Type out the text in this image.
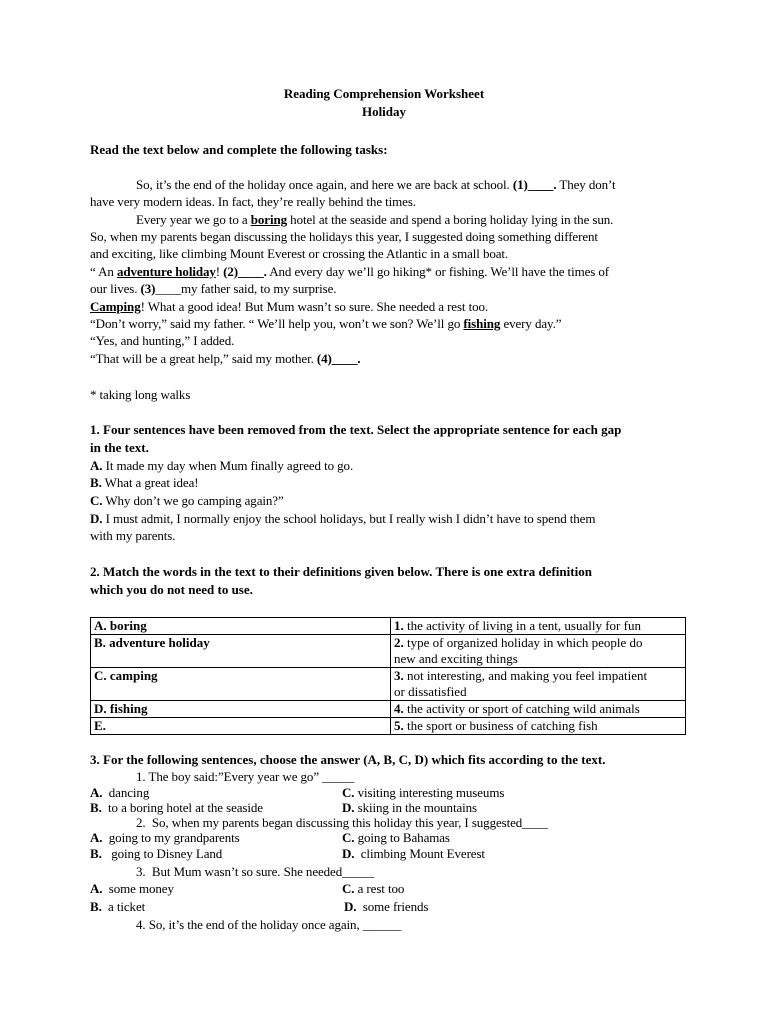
Reading Comprehension Worksheet
Holiday
Read the text below and complete the following tasks:
So, it’s the end of the holiday once again, and here we are back at school. (1)____. They don’t
have very modern ideas. In fact, they’re really behind the times.
Every year we go to a boring hotel at the seaside and spend a boring holiday lying in the sun.
So, when my parents began discussing the holidays this year, I suggested doing something different
and exciting, like climbing Mount Everest or crossing the Atlantic in a small boat.
“ An adventure holiday! (2)____. And every day we’ll go hiking* or fishing. We’ll have the times of
our lives. (3)____my father said, to my surprise.
Camping! What a good idea! But Mum wasn’t so sure. She needed a rest too.
“Don’t worry,” said my father. “ We’ll help you, won’t we son? We’ll go fishing every day.”
“Yes, and hunting,” I added.
“That will be a great help,” said my mother. (4)____.
* taking long walks
1. Four sentences have been removed from the text. Select the appropriate sentence for each gap
in the text.
A. It made my day when Mum finally agreed to go.
B. What a great idea!
C. Why don’t we go camping again?”
D. I must admit, I normally enjoy the school holidays, but I really wish I didn’t have to spend them
with my parents.
2. Match the words in the text to their definitions given below. There is one extra definition
which you do not need to use.
A. boring	1. the activity of living in a tent, usually for fun
B. adventure holiday	2. type of organized holiday in which people do
new and exciting things
C. camping	3. not interesting, and making you feel impatient
or dissatisfied
D. fishing	4. the activity or sport of catching wild animals
E.	5. the sport or business of catching fish
3. For the following sentences, choose the answer (A, B, C, D) which fits according to the text.
1. The boy said:”Every year we go” _____
A. dancing	C. visiting interesting museums
B. to a boring hotel at the seaside	D. skiing in the mountains
2. So, when my parents began discussing this holiday this year, I suggested____
A. going to my grandparents	C. going to Bahamas
B. going to Disney Land	D. climbing Mount Everest
3. But Mum wasn’t so sure. She needed_____
A. some money	C. a rest too
B. a ticket	D. some friends
4. So, it’s the end of the holiday once again, ______
